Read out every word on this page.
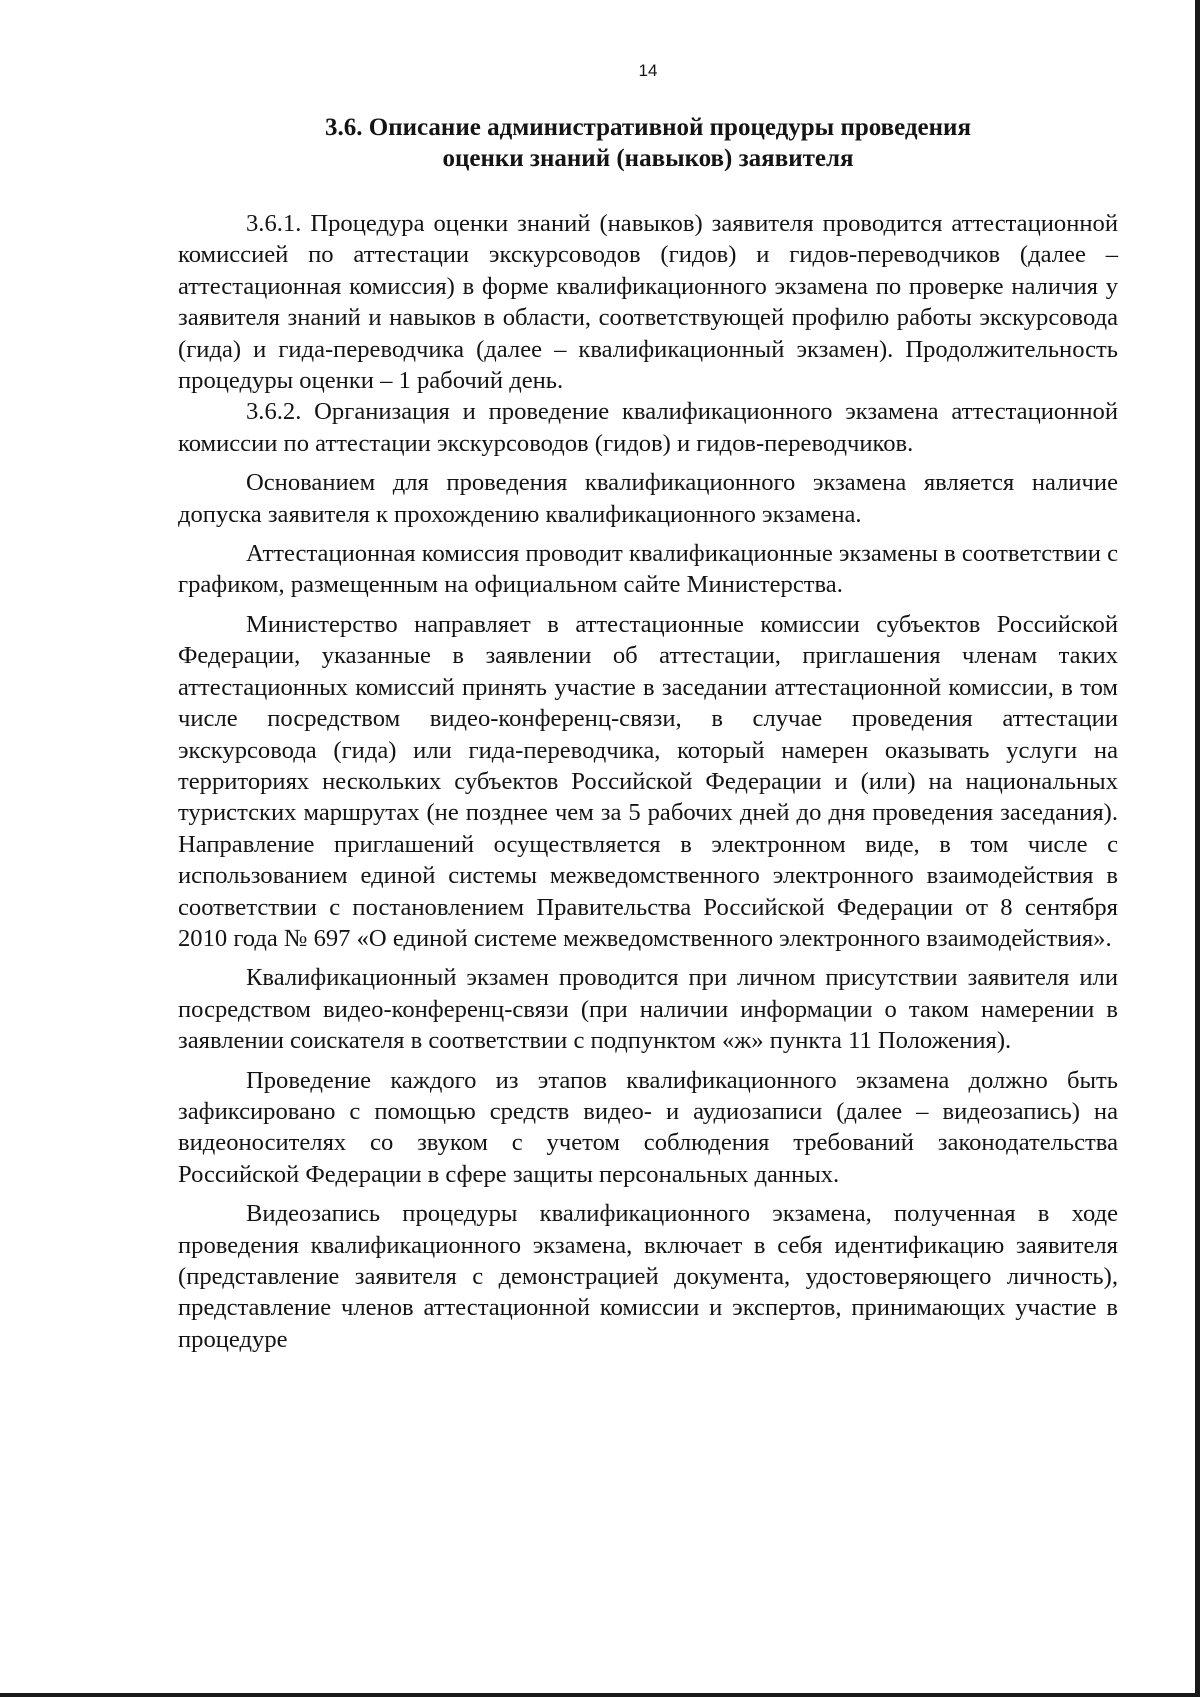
14
3.6. Описание административной процедуры проведения
оценки знаний (навыков) заявителя

3.6.1. Процедура оценки знаний (навыков) заявителя проводится аттестационной комиссией по аттестации экскурсоводов (гидов) и гидов-переводчиков (далее – аттестационная комиссия) в форме квалификационного экзамена по проверке наличия у заявителя знаний и навыков в области, соответствующей профилю работы экскурсовода (гида) и гида-переводчика (далее – квалификационный экзамен). Продолжительность процедуры оценки – 1 рабочий день.

3.6.2. Организация и проведение квалификационного экзамена аттестационной комиссии по аттестации экскурсоводов (гидов) и гидов-переводчиков.

Основанием для проведения квалификационного экзамена является наличие допуска заявителя к прохождению квалификационного экзамена.

Аттестационная комиссия проводит квалификационные экзамены в соответствии с графиком, размещенным на официальном сайте Министерства.

Министерство направляет в аттестационные комиссии субъектов Российской Федерации, указанные в заявлении об аттестации, приглашения членам таких аттестационных комиссий принять участие в заседании аттестационной комиссии, в том числе посредством видео-конференц-связи, в случае проведения аттестации экскурсовода (гида) или гида-переводчика, который намерен оказывать услуги на территориях нескольких субъектов Российской Федерации и (или) на национальных туристских маршрутах (не позднее чем за 5 рабочих дней до дня проведения заседания). Направление приглашений осуществляется в электронном виде, в том числе с использованием единой системы межведомственного электронного взаимодействия в соответствии с постановлением Правительства Российской Федерации от 8 сентября 2010 года № 697 «О единой системе межведомственного электронного взаимодействия».

Квалификационный экзамен проводится при личном присутствии заявителя или посредством видео-конференц-связи (при наличии информации о таком намерении в заявлении соискателя в соответствии с подпунктом «ж» пункта 11 Положения).

Проведение каждого из этапов квалификационного экзамена должно быть зафиксировано с помощью средств видео- и аудиозаписи (далее – видеозапись) на видеоносителях со звуком с учетом соблюдения требований законодательства Российской Федерации в сфере защиты персональных данных.

Видеозапись процедуры квалификационного экзамена, полученная в ходе проведения квалификационного экзамена, включает в себя идентификацию заявителя (представление заявителя с демонстрацией документа, удостоверяющего личность), представление членов аттестационной комиссии и экспертов, принимающих участие в процедуре
